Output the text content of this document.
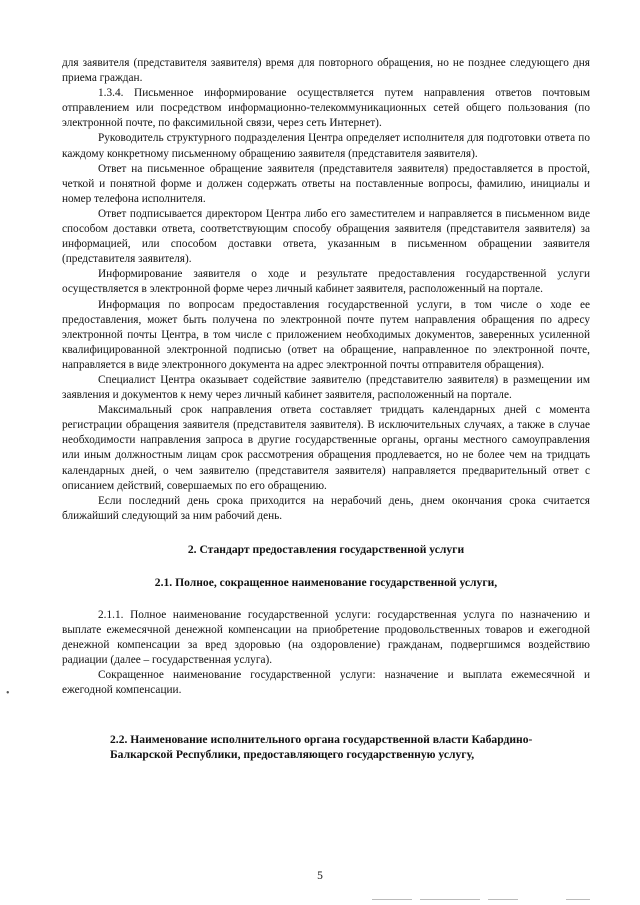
•

для заявителя (представителя заявителя) время для повторного обращения, но не позднее следующего дня приема граждан.

1.3.4. Письменное информирование осуществляется путем направления ответов почтовым отправлением или посредством информационно-телекоммуникационных сетей общего пользования (по электронной почте, по факсимильной связи, через сеть Интернет).

Руководитель структурного подразделения Центра определяет исполнителя для подготовки ответа по каждому конкретному письменному обращению заявителя (представителя заявителя).

Ответ на письменное обращение заявителя (представителя заявителя) предоставляется в простой, четкой и понятной форме и должен содержать ответы на поставленные вопросы, фамилию, инициалы и номер телефона исполнителя.

Ответ подписывается директором Центра либо его заместителем и направляется в письменном виде способом доставки ответа, соответствующим способу обращения заявителя (представителя заявителя) за информацией, или способом доставки ответа, указанным в письменном обращении заявителя (представителя заявителя).

Информирование заявителя о ходе и результате предоставления государственной услуги осуществляется в электронной форме через личный кабинет заявителя, расположенный на портале.

Информация по вопросам предоставления государственной услуги, в том числе о ходе ее предоставления, может быть получена по электронной почте путем направления обращения по адресу электронной почты Центра, в том числе с приложением необходимых документов, заверенных усиленной квалифицированной электронной подписью (ответ на обращение, направленное по электронной почте, направляется в виде электронного документа на адрес электронной почты отправителя обращения).

Специалист Центра оказывает содействие заявителю (представителю заявителя) в размещении им заявления и документов к нему через личный кабинет заявителя, расположенный на портале.

Максимальный срок направления ответа составляет тридцать календарных дней с момента регистрации обращения заявителя (представителя заявителя). В исключительных случаях, а также в случае необходимости направления запроса в другие государственные органы, органы местного самоуправления или иным должностным лицам срок рассмотрения обращения продлевается, но не более чем на тридцать календарных дней, о чем заявителю (представителя заявителя) направляется предварительный ответ с описанием действий, совершаемых по его обращению.

Если последний день срока приходится на нерабочий день, днем окончания срока считается ближайший следующий за ним рабочий день.

2. Стандарт предоставления государственной услуги
2.1. Полное, сокращенное наименование государственной услуги,

2.1.1. Полное наименование государственной услуги: государственная услуга по назначению и выплате ежемесячной денежной компенсации на приобретение продовольственных товаров и ежегодной денежной компенсации за вред здоровью (на оздоровление) гражданам, подвергшимся воздействию радиации (далее – государственная услуга).

Сокращенное наименование государственной услуги: назначение и выплата ежемесячной и ежегодной компенсации.

2.2. Наименование исполнительного органа государственной власти Кабардино-Балкарской Республики, предоставляющего государственную услугу,
5
